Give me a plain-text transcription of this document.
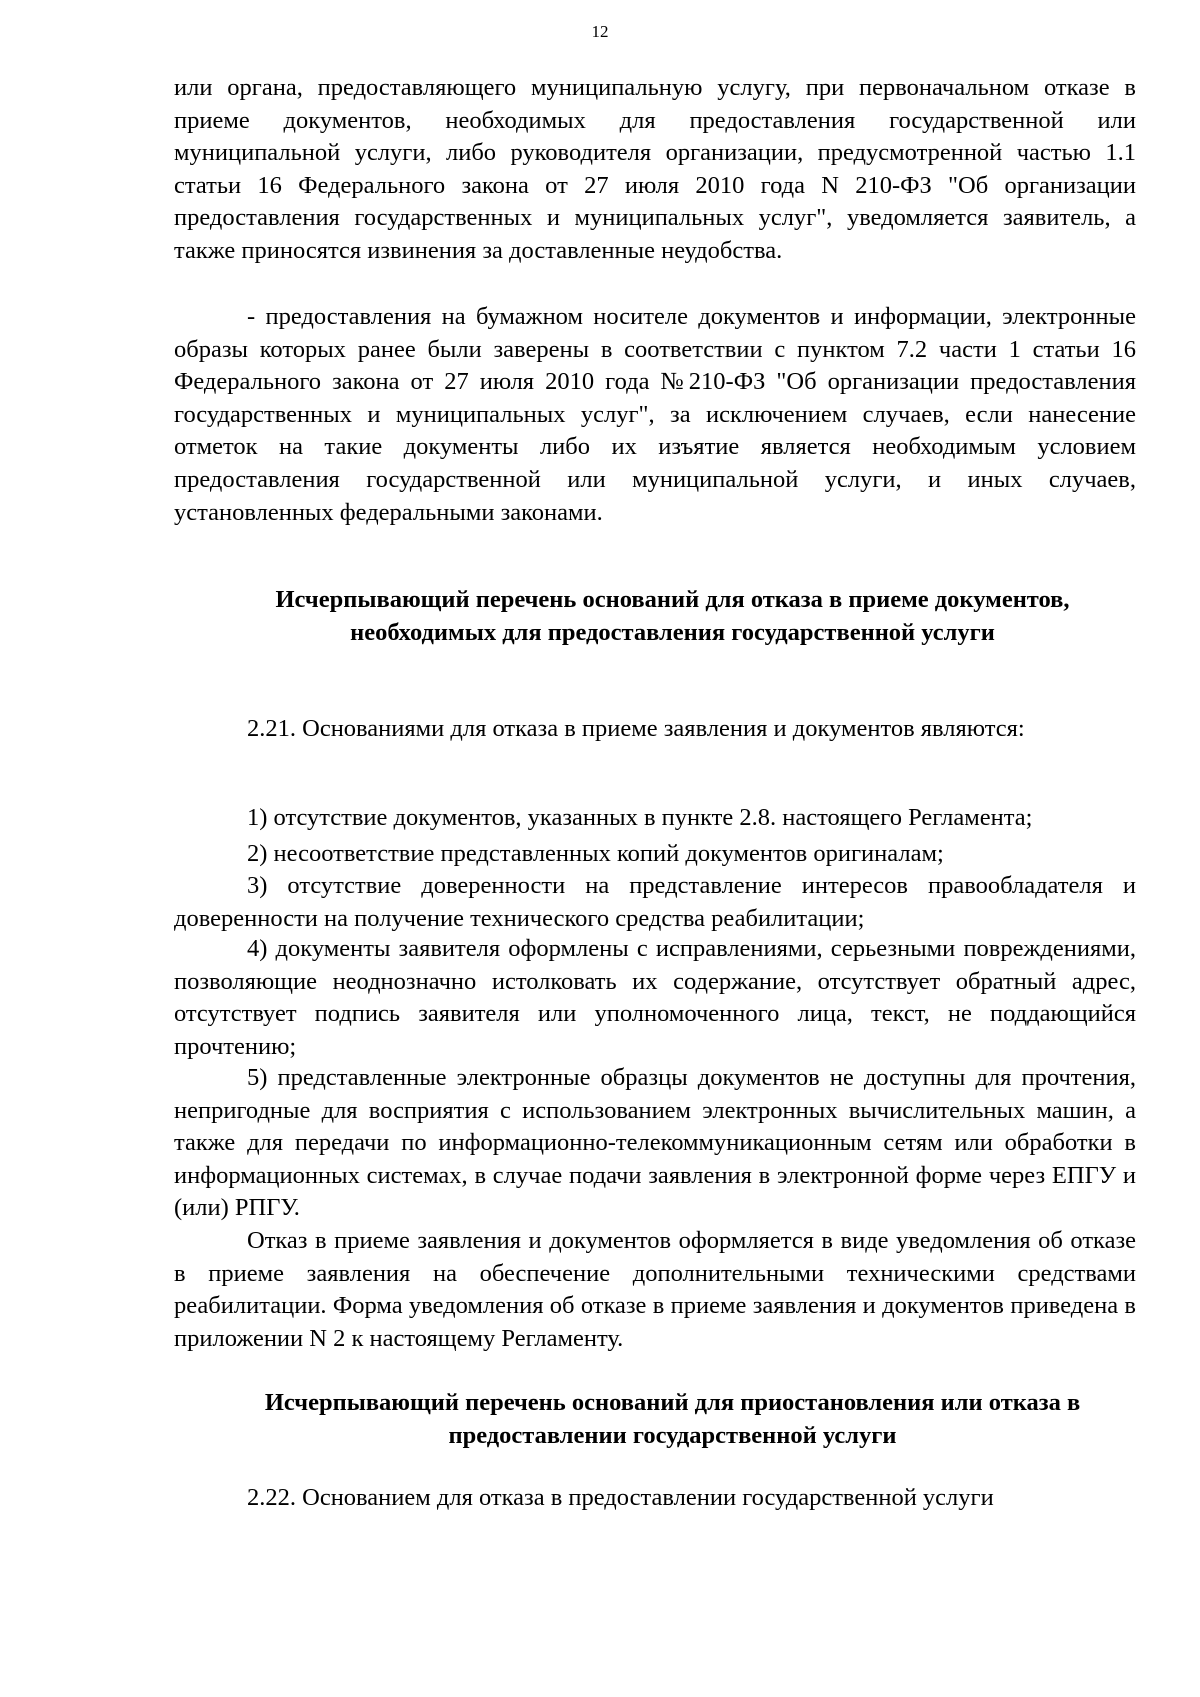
12

или органа, предоставляющего муниципальную услугу, при первоначальном отказе в приеме документов, необходимых для предоставления государственной или муниципальной услуги, либо руководителя организации, предусмотренной частью 1.1 статьи 16 Федерального закона от 27 июля 2010 года N 210-ФЗ "Об организации предоставления государственных и муниципальных услуг", уведомляется заявитель, а также приносятся извинения за доставленные неудобства.

- предоставления на бумажном носителе документов и информации, электронные образы которых ранее были заверены в соответствии с пунктом 7.2 части 1 статьи 16 Федерального закона от 27 июля 2010 года №210-ФЗ "Об организации предоставления государственных и муниципальных услуг", за исключением случаев, если нанесение отметок на такие документы либо их изъятие является необходимым условием предоставления государственной или муниципальной услуги, и иных случаев, установленных федеральными законами.

Исчерпывающий перечень оснований для отказа в приеме документов, необходимых для предоставления государственной услуги

2.21. Основаниями для отказа в приеме заявления и документов являются:

1) отсутствие документов, указанных в пункте 2.8. настоящего Регламента;

2) несоответствие представленных копий документов оригиналам;

3) отсутствие доверенности на представление интересов правообладателя и доверенности на получение технического средства реабилитации;

4) документы заявителя оформлены с исправлениями, серьезными повреждениями, позволяющие неоднозначно истолковать их содержание, отсутствует обратный адрес, отсутствует подпись заявителя или уполномоченного лица, текст, не поддающийся прочтению;

5) представленные электронные образцы документов не доступны для прочтения, непригодные для восприятия с использованием электронных вычислительных машин, а также для передачи по информационно-телекоммуникационным сетям или обработки в информационных системах, в случае подачи заявления в электронной форме через ЕПГУ и (или) РПГУ.

Отказ в приеме заявления и документов оформляется в виде уведомления об отказе в приеме заявления на обеспечение дополнительными техническими средствами реабилитации. Форма уведомления об отказе в приеме заявления и документов приведена в приложении N 2 к настоящему Регламенту.

Исчерпывающий перечень оснований для приостановления или отказа в предоставлении государственной услуги

2.22. Основанием для отказа в предоставлении государственной услуги
